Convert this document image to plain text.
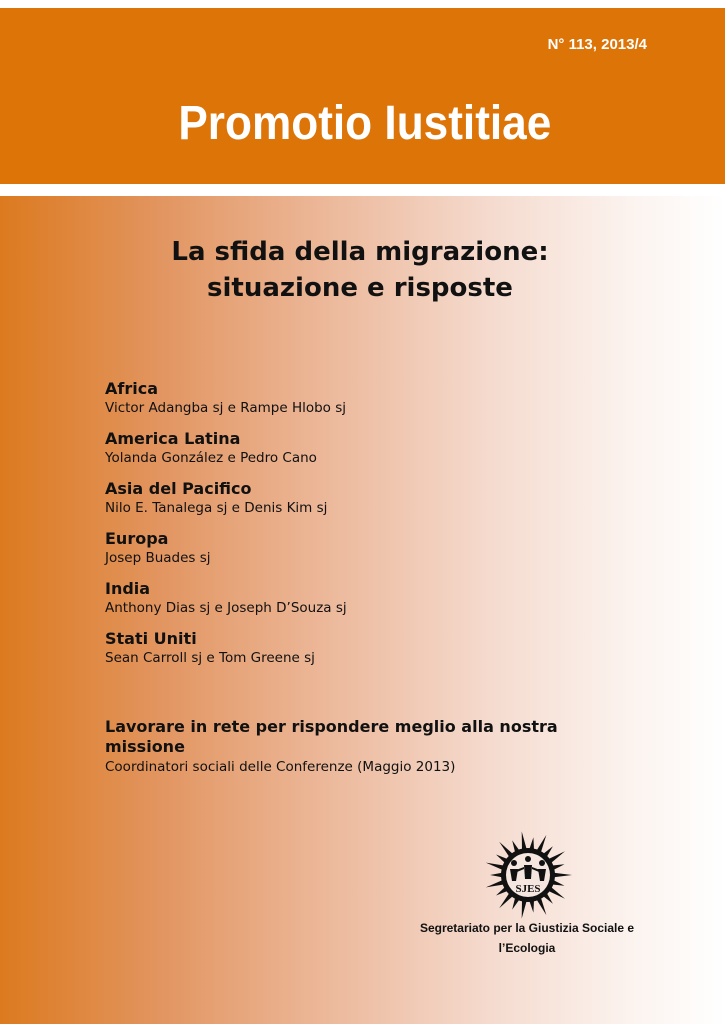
N° 113, 2013/4
Promotio Iustitiae
La sfida della migrazione:
situazione e risposte
Africa
Victor Adangba sj e Rampe Hlobo sj
America Latina
Yolanda González e Pedro Cano
Asia del Pacifico
Nilo E. Tanalega sj e Denis Kim sj
Europa
Josep Buades sj
India
Anthony Dias sj e Joseph D’Souza sj
Stati Uniti
Sean Carroll sj e Tom Greene sj
Lavorare in rete per rispondere meglio alla nostra missione
Coordinatori sociali delle Conferenze (Maggio 2013)
SJES
Segretariato per la Giustizia Sociale e
l’Ecologia
